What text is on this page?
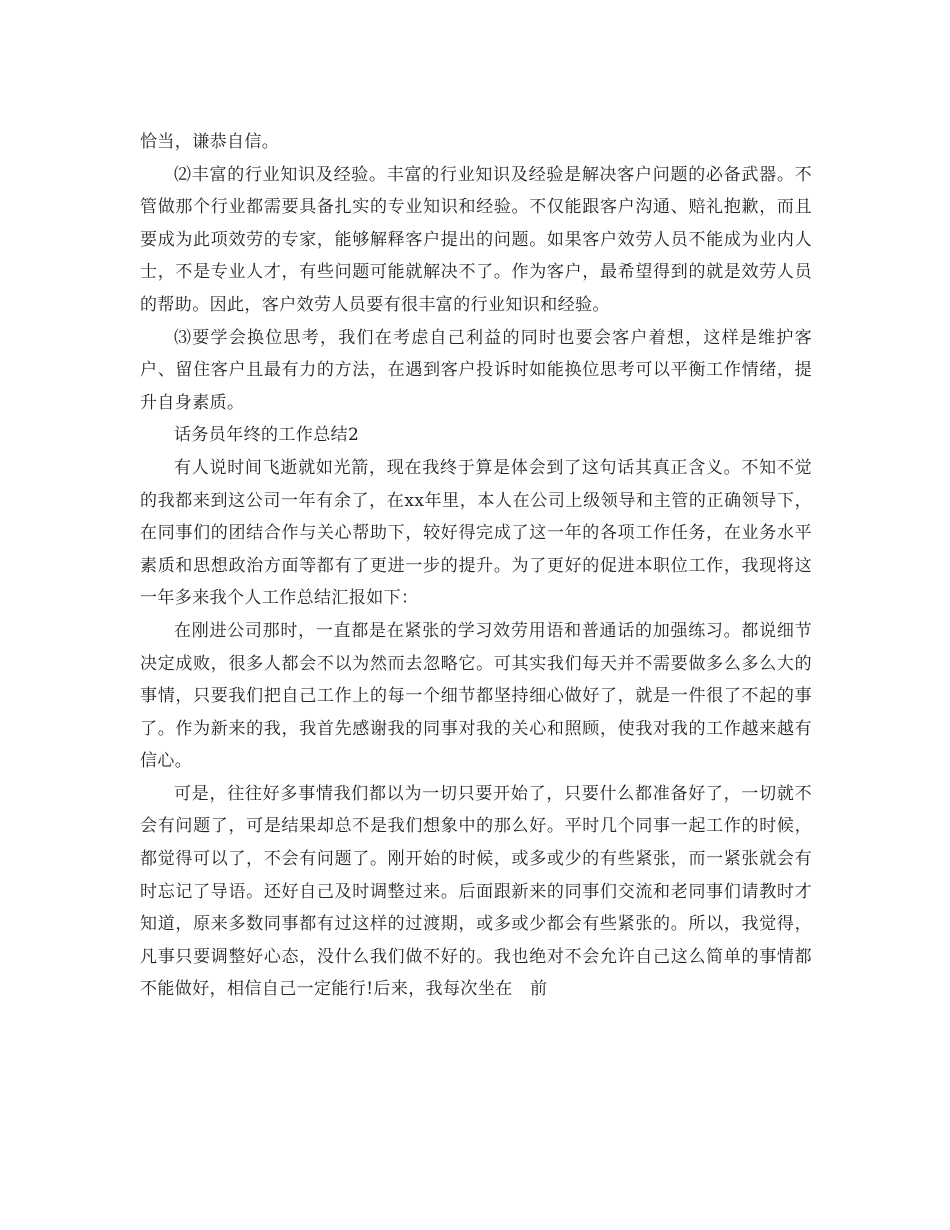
恰当，谦恭自信。

⑵丰富的行业知识及经验。丰富的行业知识及经验是解决客户问题的必备武器。不管做那个行业都需要具备扎实的专业知识和经验。不仅能跟客户沟通、赔礼抱歉，而且要成为此项效劳的专家，能够解释客户提出的问题。如果客户效劳人员不能成为业内人士，不是专业人才，有些问题可能就解决不了。作为客户，最希望得到的就是效劳人员的帮助。因此，客户效劳人员要有很丰富的行业知识和经验。

⑶要学会换位思考，我们在考虑自己利益的同时也要会客户着想，这样是维护客户、留住客户且最有力的方法，在遇到客户投诉时如能换位思考可以平衡工作情绪，提升自身素质。

话务员年终的工作总结2

有人说时间飞逝就如光箭，现在我终于算是体会到了这句话其真正含义。不知不觉的我都来到这公司一年有余了，在xx年里，本人在公司上级领导和主管的正确领导下，在同事们的团结合作与关心帮助下，较好得完成了这一年的各项工作任务，在业务水平素质和思想政治方面等都有了更进一步的提升。为了更好的促进本职位工作，我现将这一年多来我个人工作总结汇报如下：

在刚进公司那时，一直都是在紧张的学习效劳用语和普通话的加强练习。都说细节决定成败，很多人都会不以为然而去忽略它。可其实我们每天并不需要做多么多么大的事情，只要我们把自己工作上的每一个细节都坚持细心做好了，就是一件很了不起的事了。作为新来的我，我首先感谢我的同事对我的关心和照顾，使我对我的工作越来越有信心。

可是，往往好多事情我们都以为一切只要开始了，只要什么都准备好了，一切就不会有问题了，可是结果却总不是我们想象中的那么好。平时几个同事一起工作的时候，都觉得可以了，不会有问题了。刚开始的时候，或多或少的有些紧张，而一紧张就会有时忘记了导语。还好自己及时调整过来。后面跟新来的同事们交流和老同事们请教时才知道，原来多数同事都有过这样的过渡期，或多或少都会有些紧张的。所以，我觉得，凡事只要调整好心态，没什么我们做不好的。我也绝对不会允许自己这么简单的事情都不能做好，相信自己一定能行!后来，我每次坐在　前
